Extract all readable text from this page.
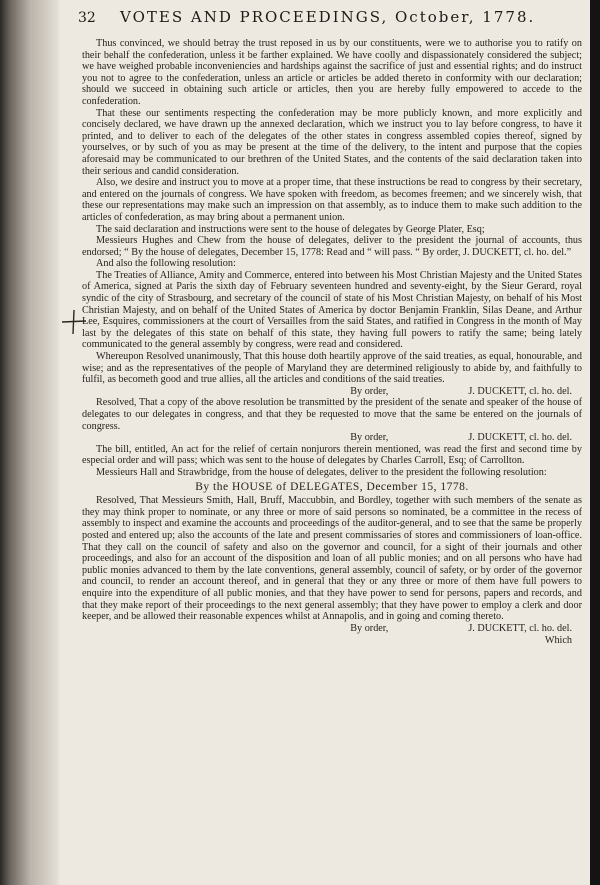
32 VOTES AND PROCEEDINGS, October, 1778.

Thus convinced, we should betray the trust reposed in us by our constituents, were we to authorise you to ratify on their behalf the confederation, unless it be farther explained. We have coolly and dispassionately considered the subject; we have weighed probable inconveniencies and hardships against the sacrifice of just and essential rights; and do instruct you not to agree to the confederation, unless an article or articles be added thereto in conformity with our declaration; should we succeed in obtaining such article or articles, then you are hereby fully empowered to accede to the confederation.

That these our sentiments respecting the confederation may be more publicly known, and more explicitly and concisely declared, we have drawn up the annexed declaration, which we instruct you to lay before congress, to have it printed, and to deliver to each of the delegates of the other states in congress assembled copies thereof, signed by yourselves, or by such of you as may be present at the time of the delivery, to the intent and purpose that the copies aforesaid may be communicated to our brethren of the United States, and the contents of the said declaration taken into their serious and candid consideration.

Also, we desire and instruct you to move at a proper time, that these instructions be read to congress by their secretary, and entered on the journals of congress. We have spoken with freedom, as becomes freemen; and we sincerely wish, that these our representations may make such an impression on that assembly, as to induce them to make such addition to the articles of confederation, as may bring about a permanent union.

The said declaration and instructions were sent to the house of delegates by George Plater, Esq;

Messieurs Hughes and Chew from the house of delegates, deliver to the president the journal of accounts, thus endorsed; “ By the house of delegates, December 15, 1778: Read and “ will pass. “ By order, J. DUCKETT, cl. ho. del.”

And also the following resolution:

The Treaties of Alliance, Amity and Commerce, entered into between his Most Christian Majesty and the United States of America, signed at Paris the sixth day of February seventeen hundred and seventy-eight, by the Sieur Gerard, royal syndic of the city of Strasbourg, and secretary of the council of state of his Most Christian Majesty, on behalf of his Most Christian Majesty, and on behalf of the United States of America by doctor Benjamin Franklin, Silas Deane, and Arthur Lee, Esquires, commissioners at the court of Versailles from the said States, and ratified in Congress in the month of May last by the delegates of this state on behalf of this state, they having full powers to ratify the same; being lately communicated to the general assembly by congress, were read and considered.

Whereupon Resolved unanimously, That this house doth heartily approve of the said treaties, as equal, honourable, and wise; and as the representatives of the people of Maryland they are determined religiously to abide by, and faithfully to fulfil, as becometh good and true allies, all the articles and conditions of the said treaties.

By order,	J. DUCKETT, cl. ho. del.

Resolved, That a copy of the above resolution be transmitted by the president of the senate and speaker of the house of delegates to our delegates in congress, and that they be requested to move that the same be entered on the journals of congress.

By order,	J. DUCKETT, cl. ho. del.

The bill, entitled, An act for the relief of certain nonjurors therein mentioned, was read the first and second time by especial order and will pass; which was sent to the house of delegates by Charles Carroll, Esq; of Carrollton.

Messieurs Hall and Strawbridge, from the house of delegates, deliver to the president the following resolution:

By the HOUSE of DELEGATES, December 15, 1778.

Resolved, That Messieurs Smith, Hall, Bruff, Maccubbin, and Bordley, together with such members of the senate as they may think proper to nominate, or any three or more of said persons so nominated, be a committee in the recess of assembly to inspect and examine the accounts and proceedings of the auditor-general, and to see that the same be properly posted and entered up; also the accounts of the late and present commissaries of stores and commissioners of loan-office. That they call on the council of safety and also on the governor and council, for a sight of their journals and other proceedings, and also for an account of the disposition and loan of all public monies; and on all persons who have had public monies advanced to them by the late conventions, general assembly, council of safety, or by order of the governor and council, to render an account thereof, and in general that they or any three or more of them have full powers to enquire into the expenditure of all public monies, and that they have power to send for persons, papers and records, and that they make report of their proceedings to the next general assembly; that they have power to employ a clerk and door keeper, and be allowed their reasonable expences whilst at Annapolis, and in going and coming thereto.

By order,	J. DUCKETT, cl. ho. del.
Which
